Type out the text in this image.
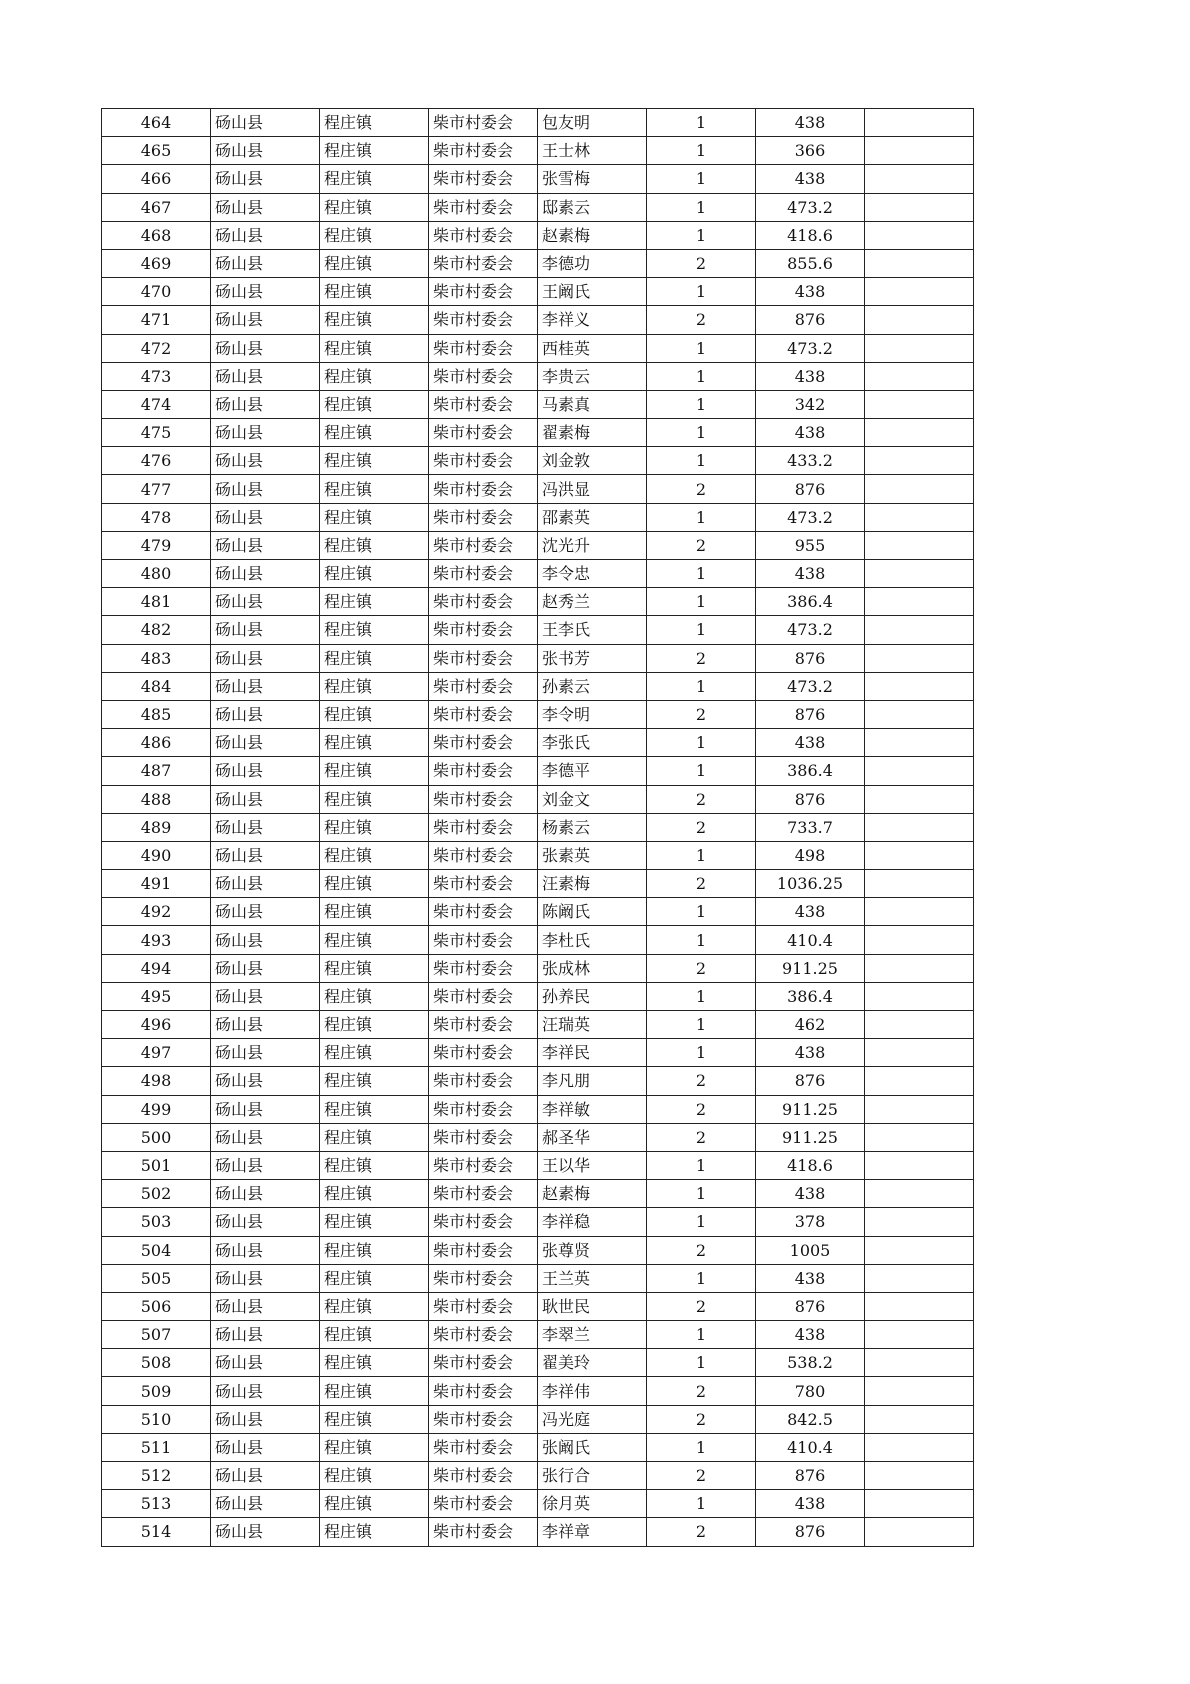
464	砀山县	程庄镇	柴市村委会	包友明	1	438	
465	砀山县	程庄镇	柴市村委会	王士林	1	366	
466	砀山县	程庄镇	柴市村委会	张雪梅	1	438	
467	砀山县	程庄镇	柴市村委会	邸素云	1	473.2	
468	砀山县	程庄镇	柴市村委会	赵素梅	1	418.6	
469	砀山县	程庄镇	柴市村委会	李德功	2	855.6	
470	砀山县	程庄镇	柴市村委会	王阚氏	1	438	
471	砀山县	程庄镇	柴市村委会	李祥义	2	876	
472	砀山县	程庄镇	柴市村委会	西桂英	1	473.2	
473	砀山县	程庄镇	柴市村委会	李贵云	1	438	
474	砀山县	程庄镇	柴市村委会	马素真	1	342	
475	砀山县	程庄镇	柴市村委会	翟素梅	1	438	
476	砀山县	程庄镇	柴市村委会	刘金敦	1	433.2	
477	砀山县	程庄镇	柴市村委会	冯洪显	2	876	
478	砀山县	程庄镇	柴市村委会	邵素英	1	473.2	
479	砀山县	程庄镇	柴市村委会	沈光升	2	955	
480	砀山县	程庄镇	柴市村委会	李令忠	1	438	
481	砀山县	程庄镇	柴市村委会	赵秀兰	1	386.4	
482	砀山县	程庄镇	柴市村委会	王李氏	1	473.2	
483	砀山县	程庄镇	柴市村委会	张书芳	2	876	
484	砀山县	程庄镇	柴市村委会	孙素云	1	473.2	
485	砀山县	程庄镇	柴市村委会	李令明	2	876	
486	砀山县	程庄镇	柴市村委会	李张氏	1	438	
487	砀山县	程庄镇	柴市村委会	李德平	1	386.4	
488	砀山县	程庄镇	柴市村委会	刘金文	2	876	
489	砀山县	程庄镇	柴市村委会	杨素云	2	733.7	
490	砀山县	程庄镇	柴市村委会	张素英	1	498	
491	砀山县	程庄镇	柴市村委会	汪素梅	2	1036.25	
492	砀山县	程庄镇	柴市村委会	陈阚氏	1	438	
493	砀山县	程庄镇	柴市村委会	李杜氏	1	410.4	
494	砀山县	程庄镇	柴市村委会	张成林	2	911.25	
495	砀山县	程庄镇	柴市村委会	孙养民	1	386.4	
496	砀山县	程庄镇	柴市村委会	汪瑞英	1	462	
497	砀山县	程庄镇	柴市村委会	李祥民	1	438	
498	砀山县	程庄镇	柴市村委会	李凡朋	2	876	
499	砀山县	程庄镇	柴市村委会	李祥敏	2	911.25	
500	砀山县	程庄镇	柴市村委会	郝圣华	2	911.25	
501	砀山县	程庄镇	柴市村委会	王以华	1	418.6	
502	砀山县	程庄镇	柴市村委会	赵素梅	1	438	
503	砀山县	程庄镇	柴市村委会	李祥稳	1	378	
504	砀山县	程庄镇	柴市村委会	张尊贤	2	1005	
505	砀山县	程庄镇	柴市村委会	王兰英	1	438	
506	砀山县	程庄镇	柴市村委会	耿世民	2	876	
507	砀山县	程庄镇	柴市村委会	李翠兰	1	438	
508	砀山县	程庄镇	柴市村委会	翟美玲	1	538.2	
509	砀山县	程庄镇	柴市村委会	李祥伟	2	780	
510	砀山县	程庄镇	柴市村委会	冯光庭	2	842.5	
511	砀山县	程庄镇	柴市村委会	张阚氏	1	410.4	
512	砀山县	程庄镇	柴市村委会	张行合	2	876	
513	砀山县	程庄镇	柴市村委会	徐月英	1	438	
514	砀山县	程庄镇	柴市村委会	李祥章	2	876	
